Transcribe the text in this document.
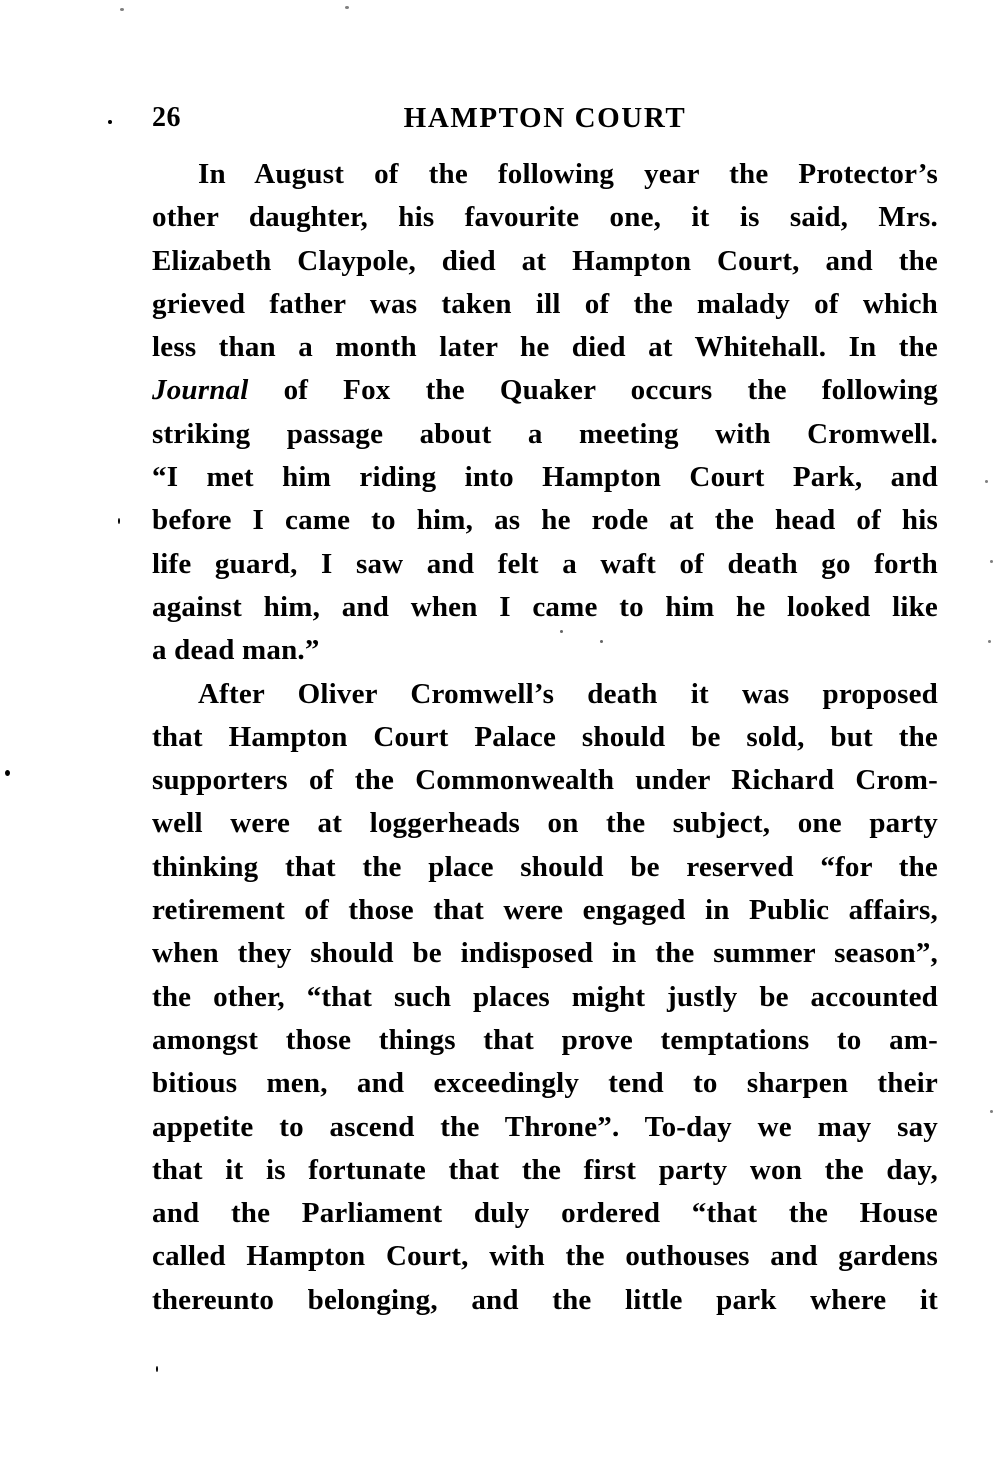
26	HAMPTON COURT
In August of the following year the Protector’s
other daughter, his favourite one, it is said, Mrs.
Elizabeth Claypole, died at Hampton Court, and the
grieved father was taken ill of the malady of which
less than a month later he died at Whitehall. In the
Journal of Fox the Quaker occurs the following
striking passage about a meeting with Cromwell.
“I met him riding into Hampton Court Park, and
before I came to him, as he rode at the head of his
life guard, I saw and felt a waft of death go forth
against him, and when I came to him he looked like
a dead man.”
After Oliver Cromwell’s death it was proposed
that Hampton Court Palace should be sold, but the
supporters of the Commonwealth under Richard Crom-
well were at loggerheads on the subject, one party
thinking that the place should be reserved “for the
retirement of those that were engaged in Public affairs,
when they should be indisposed in the summer season”,
the other, “that such places might justly be accounted
amongst those things that prove temptations to am-
bitious men, and exceedingly tend to sharpen their
appetite to ascend the Throne”. To-day we may say
that it is fortunate that the first party won the day,
and the Parliament duly ordered “that the House
called Hampton Court, with the outhouses and gardens
thereunto belonging, and the little park where it
